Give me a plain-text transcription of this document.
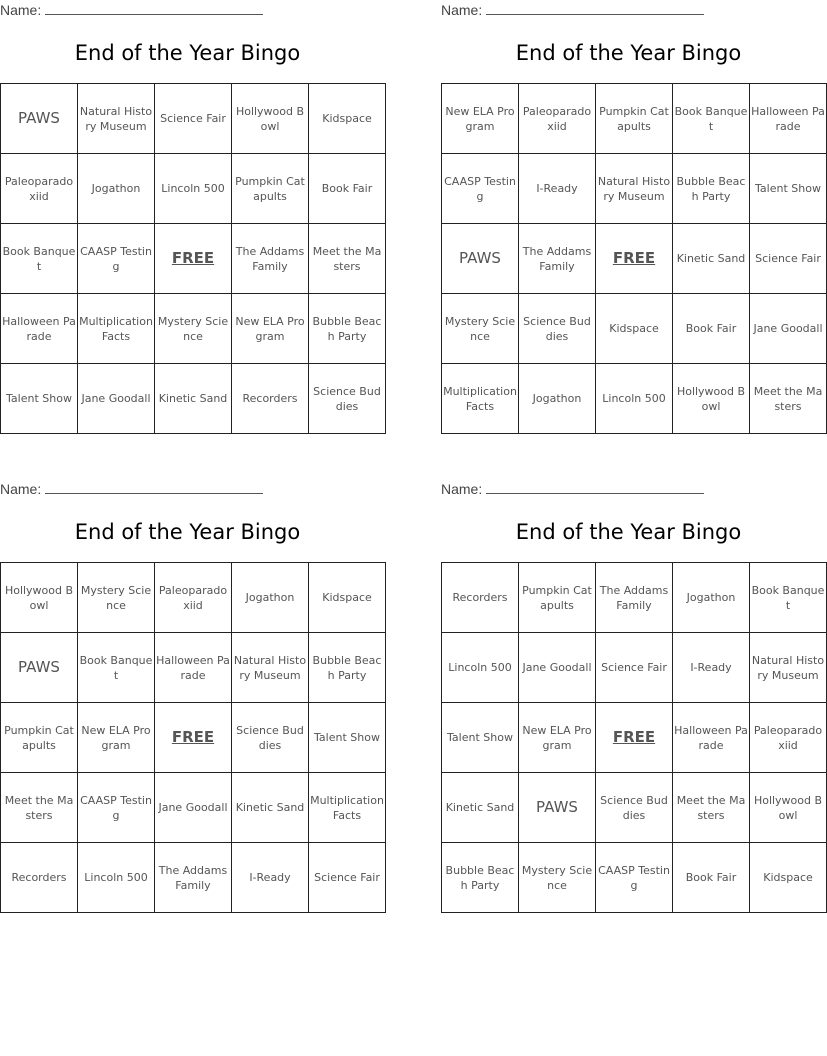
Name:
End of the Year Bingo
PAWS	Natural History Museum	Science Fair	Hollywood Bowl	Kidspace
Paleoparadoxiid	Jogathon	Lincoln 500	Pumpkin Catapults	Book Fair
Book Banquet	CAASP Testing	FREE	The Addams Family	Meet the Masters
Halloween Parade	Multiplication Facts	Mystery Science	New ELA Program	Bubble Beach Party
Talent Show	Jane Goodall	Kinetic Sand	Recorders	Science Buddies
Name:
End of the Year Bingo
New ELA Program	Paleoparadoxiid	Pumpkin Catapults	Book Banquet	Halloween Parade
CAASP Testing	I-Ready	Natural History Museum	Bubble Beach Party	Talent Show
PAWS	The Addams Family	FREE	Kinetic Sand	Science Fair
Mystery Science	Science Buddies	Kidspace	Book Fair	Jane Goodall
Multiplication Facts	Jogathon	Lincoln 500	Hollywood Bowl	Meet the Masters
Name:
End of the Year Bingo
Hollywood Bowl	Mystery Science	Paleoparadoxiid	Jogathon	Kidspace
PAWS	Book Banquet	Halloween Parade	Natural History Museum	Bubble Beach Party
Pumpkin Catapults	New ELA Program	FREE	Science Buddies	Talent Show
Meet the Masters	CAASP Testing	Jane Goodall	Kinetic Sand	Multiplication Facts
Recorders	Lincoln 500	The Addams Family	I-Ready	Science Fair
Name:
End of the Year Bingo
Recorders	Pumpkin Catapults	The Addams Family	Jogathon	Book Banquet
Lincoln 500	Jane Goodall	Science Fair	I-Ready	Natural History Museum
Talent Show	New ELA Program	FREE	Halloween Parade	Paleoparadoxiid
Kinetic Sand	PAWS	Science Buddies	Meet the Masters	Hollywood Bowl
Bubble Beach Party	Mystery Science	CAASP Testing	Book Fair	Kidspace
